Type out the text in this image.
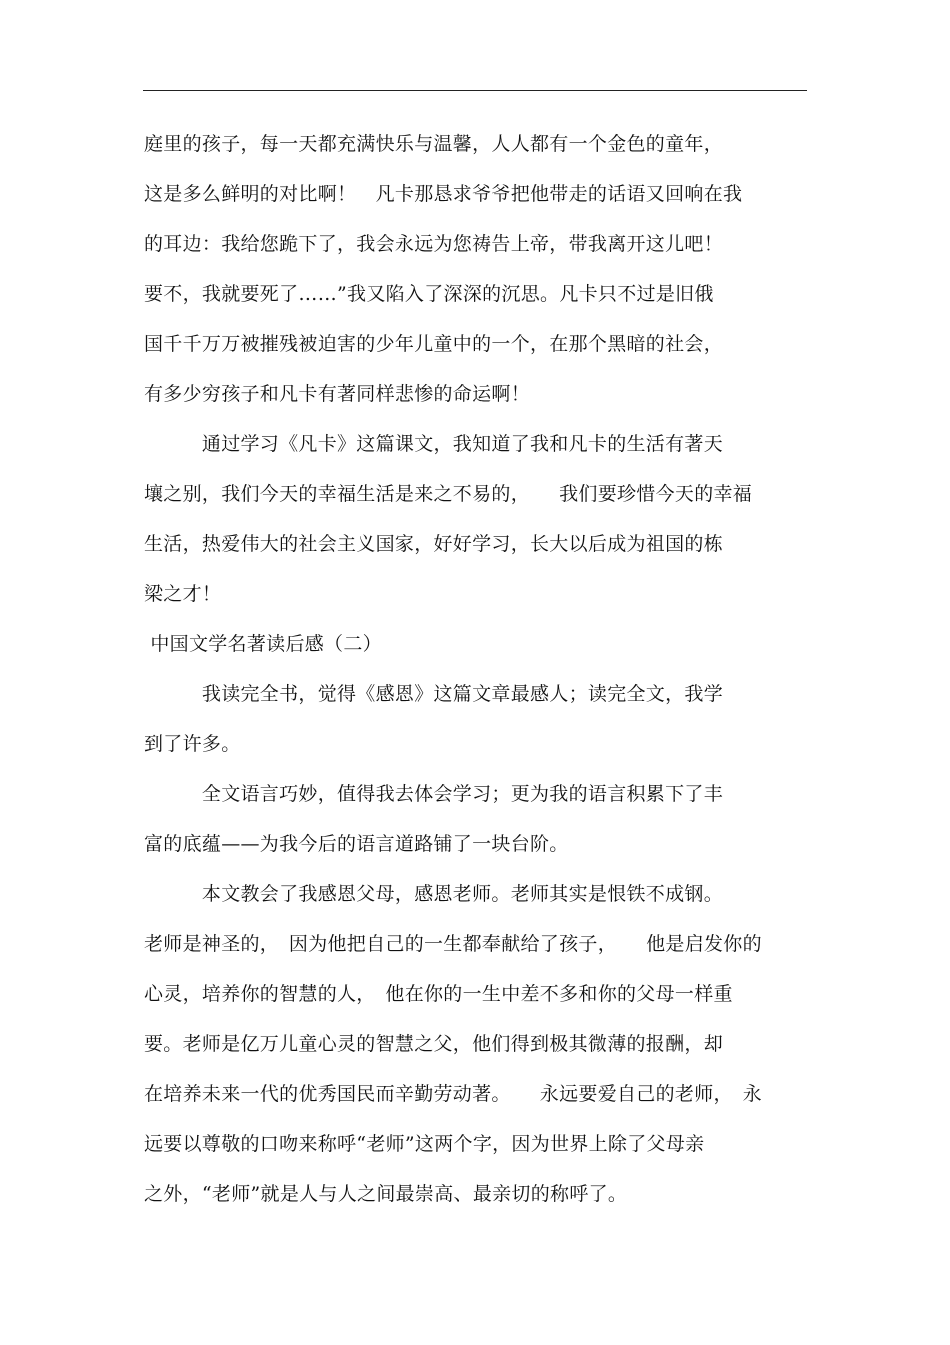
庭里的孩子，每一天都充满快乐与温馨，人人都有一个金色的童年，
这是多么鲜明的对比啊！　凡卡那恳求爷爷把他带走的话语又回响在我
的耳边：我给您跪下了，我会永远为您祷告上帝，带我离开这儿吧！
要不，我就要死了……”我又陷入了深深的沉思。凡卡只不过是旧俄
国千千万万被摧残被迫害的少年儿童中的一个，在那个黑暗的社会，
有多少穷孩子和凡卡有著同样悲惨的命运啊！
　　　通过学习《凡卡》这篇课文，我知道了我和凡卡的生活有著天
壤之别，我们今天的幸福生活是来之不易的，　　我们要珍惜今天的幸福
生活，热爱伟大的社会主义国家，好好学习，长大以后成为祖国的栋
梁之才！
中国文学名著读后感（二）
　　　我读完全书，觉得《感恩》这篇文章最感人；读完全文，我学
到了许多。
　　　全文语言巧妙，值得我去体会学习；更为我的语言积累下了丰
富的底蕴——为我今后的语言道路铺了一块台阶。
　　　本文教会了我感恩父母，感恩老师。老师其实是恨铁不成钢。
老师是神圣的，　因为他把自己的一生都奉献给了孩子，　　他是启发你的
心灵，培养你的智慧的人，　他在你的一生中差不多和你的父母一样重
要。老师是亿万儿童心灵的智慧之父，他们得到极其微薄的报酬，却
在培养未来一代的优秀国民而辛勤劳动著。　　永远要爱自己的老师，　永
远要以尊敬的口吻来称呼“老师”这两个字，因为世界上除了父母亲
之外，“老师”就是人与人之间最崇高、最亲切的称呼了。
